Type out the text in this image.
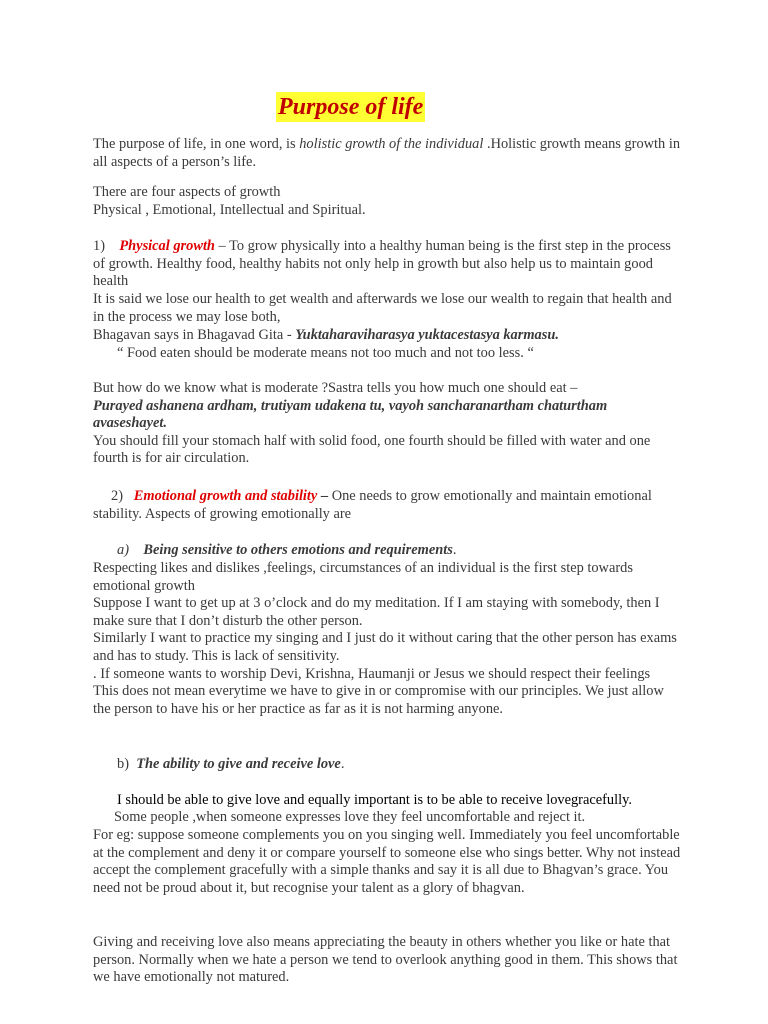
Purpose of life
The purpose of life, in one word, is holistic growth of the individual .Holistic growth means growth in all aspects of a person’s life.
There are four aspects of growth
Physical , Emotional, Intellectual and Spiritual.
1) Physical growth – To grow physically into a healthy human being is the first step in the process of growth. Healthy food, healthy habits not only help in growth but also help us to maintain good health
It is said we lose our health to get wealth and afterwards we lose our wealth to regain that health and in the process we may lose both,
Bhagavan says in Bhagavad Gita - Yuktaharaviharasya yuktacestasya karmasu.
“ Food eaten should be moderate means not too much and not too less. “
But how do we know what is moderate ?Sastra tells you how much one should eat –
Purayed ashanena ardham, trutiyam udakena tu, vayoh sancharanartham chaturtham avaseshayet.
You should fill your stomach half with solid food, one fourth should be filled with water and one fourth is for air circulation.
2) Emotional growth and stability – One needs to grow emotionally and maintain emotional stability. Aspects of growing emotionally are
a) Being sensitive to others emotions and requirements.
Respecting likes and dislikes ,feelings, circumstances of an individual is the first step towards emotional growth
Suppose I want to get up at 3 o’clock and do my meditation. If I am staying with somebody, then I make sure that I don’t disturb the other person.
Similarly I want to practice my singing and I just do it without caring that the other person has exams and has to study. This is lack of sensitivity.
. If someone wants to worship Devi, Krishna, Haumanji or Jesus we should respect their feelings
This does not mean everytime we have to give in or compromise with our principles. We just allow the person to have his or her practice as far as it is not harming anyone.
b) The ability to give and receive love.
I should be able to give love and equally important is to be able to receive lovegracefully.
Some people ,when someone expresses love they feel uncomfortable and reject it.
For eg: suppose someone complements you on you singing well. Immediately you feel uncomfortable at the complement and deny it or compare yourself to someone else who sings better. Why not instead accept the complement gracefully with a simple thanks and say it is all due to Bhagvan’s grace. You need not be proud about it, but recognise your talent as a glory of bhagvan.
Giving and receiving love also means appreciating the beauty in others whether you like or hate that person. Normally when we hate a person we tend to overlook anything good in them. This shows that we have emotionally not matured.
